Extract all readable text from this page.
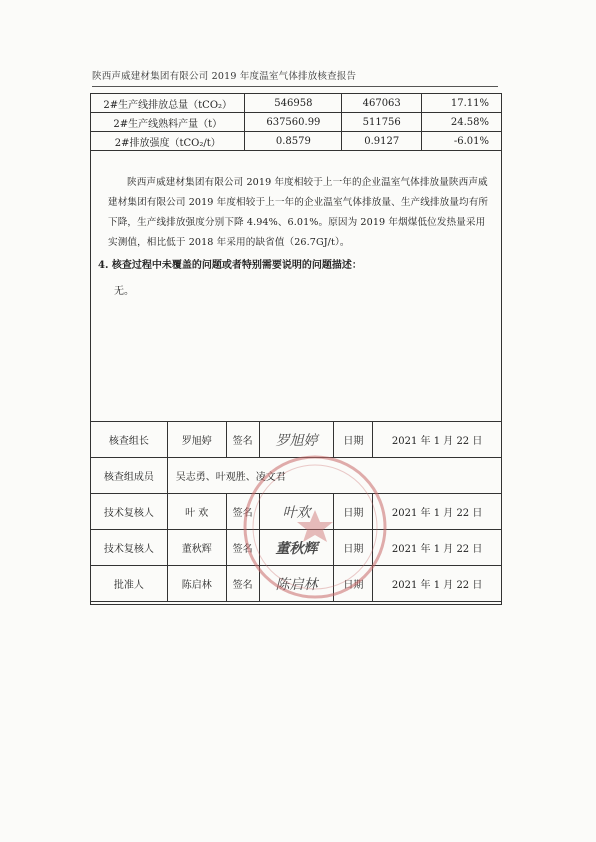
陕西声威建材集团有限公司 2019 年度温室气体排放核查报告
2#生产线排放总量（tCO₂）	546958	467063	17.11%
2#生产线熟料产量（t）	637560.99	511756	24.58%
2#排放强度（tCO₂/t）	0.8579	0.9127	-6.01%
陕西声威建材集团有限公司 2019 年度相较于上一年的企业温室气体排放量陕西声威建材集团有限公司 2019 年度相较于上一年的企业温室气体排放量、生产线排放量均有所下降，生产线排放强度分别下降 4.94%、6.01%。原因为 2019 年烟煤低位发热量采用实测值，相比低于 2018 年采用的缺省值（26.7GJ/t）。
4. 核查过程中未覆盖的问题或者特别需要说明的问题描述：
无。
核查组长	罗旭婷	签名	罗旭婷	日期	2021 年 1 月 22 日
核查组成员	吴志勇、叶观胜、凌文君				
技术复核人	叶 欢	签名	叶欢	日期	2021 年 1 月 22 日
技术复核人	董秋辉	签名	董秋辉	日期	2021 年 1 月 22 日
批准人	陈启林	签名	陈启林	日期	2021 年 1 月 22 日
